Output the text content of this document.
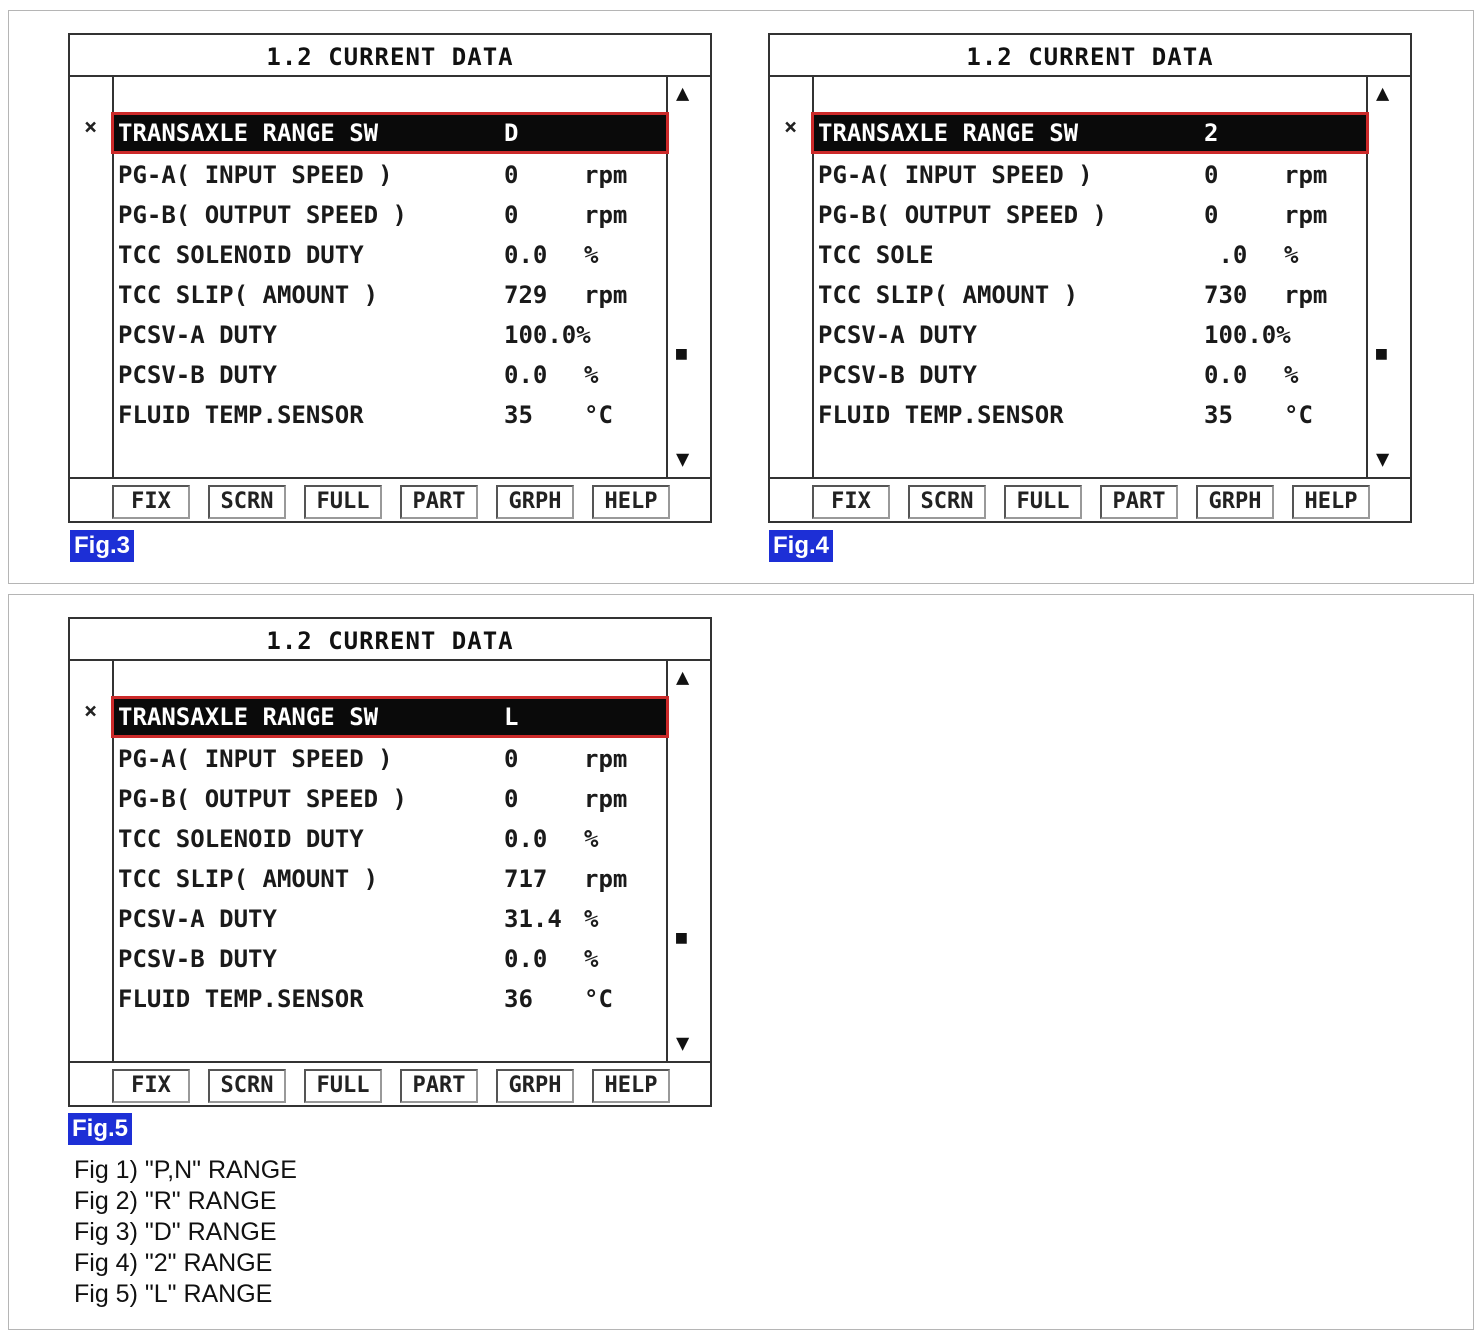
1.2 CURRENT DATA
× TRANSAXLE RANGE SW	D
PG-A( INPUT SPEED )	0	rpm
PG-B( OUTPUT SPEED )	0	rpm
TCC SOLENOID DUTY	0.0 %
TCC SLIP( AMOUNT )	729 rpm
PCSV-A DUTY	100.0%
PCSV-B DUTY	0.0 %
FLUID TEMP.SENSOR	35 °C
▲
■
▼
FIX	SCRN	FULL	PART	GRPH	HELP
Fig.3
1.2 CURRENT DATA
× TRANSAXLE RANGE SW	2
PG-A( INPUT SPEED )	0	rpm
PG-B( OUTPUT SPEED )	0	rpm
TCC SOLE	.0 %
TCC SLIP( AMOUNT )	730 rpm
PCSV-A DUTY	100.0%
PCSV-B DUTY	0.0 %
FLUID TEMP.SENSOR	35 °C
▲
■
▼
FIX	SCRN	FULL	PART	GRPH	HELP
Fig.4
1.2 CURRENT DATA
× TRANSAXLE RANGE SW	L
PG-A( INPUT SPEED )	0	rpm
PG-B( OUTPUT SPEED )	0	rpm
TCC SOLENOID DUTY	0.0 %
TCC SLIP( AMOUNT )	717 rpm
PCSV-A DUTY	31.4 %
PCSV-B DUTY	0.0 %
FLUID TEMP.SENSOR	36 °C
▲
■
▼
FIX	SCRN	FULL	PART	GRPH	HELP
Fig.5
Fig 1) "P,N" RANGE
Fig 2) "R" RANGE
Fig 3) "D" RANGE
Fig 4) "2" RANGE
Fig 5) "L" RANGE
